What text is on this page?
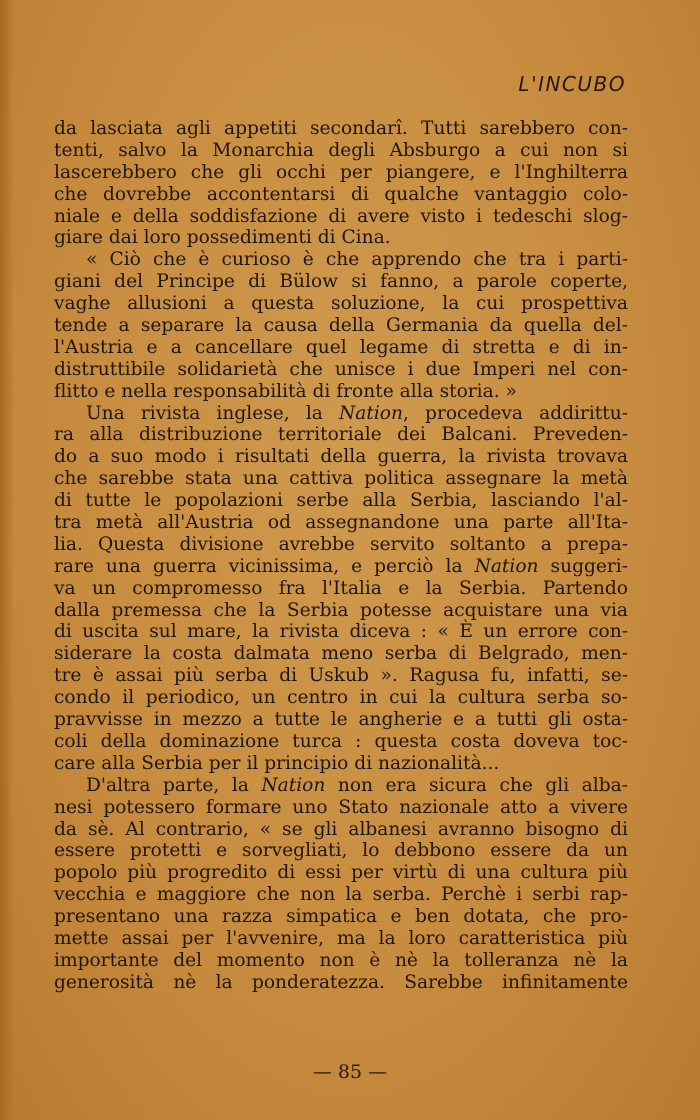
L'INCUBO
da lasciata agli appetiti secondarî. Tutti sarebbero con-
tenti, salvo la Monarchia degli Absburgo a cui non si
lascerebbero che gli occhi per piangere, e l'Inghilterra
che dovrebbe accontentarsi di qualche vantaggio colo-
niale e della soddisfazione di avere visto i tedeschi slog-
giare dai loro possedimenti di Cina.
« Ciò che è curioso è che apprendo che tra i parti-
giani del Principe di Bülow si fanno, a parole coperte,
vaghe allusioni a questa soluzione, la cui prospettiva
tende a separare la causa della Germania da quella del-
l'Austria e a cancellare quel legame di stretta e di in-
distruttibile solidarietà che unisce i due Imperi nel con-
flitto e nella responsabilità di fronte alla storia. »
Una rivista inglese, la Nation, procedeva addirittu-
ra alla distribuzione territoriale dei Balcani. Preveden-
do a suo modo i risultati della guerra, la rivista trovava
che sarebbe stata una cattiva politica assegnare la metà
di tutte le popolazioni serbe alla Serbia, lasciando l'al-
tra metà all'Austria od assegnandone una parte all'Ita-
lia. Questa divisione avrebbe servito soltanto a prepa-
rare una guerra vicinissima, e perciò la Nation suggeri-
va un compromesso fra l'Italia e la Serbia. Partendo
dalla premessa che la Serbia potesse acquistare una via
di uscita sul mare, la rivista diceva : « È un errore con-
siderare la costa dalmata meno serba di Belgrado, men-
tre è assai più serba di Uskub ». Ragusa fu, infatti, se-
condo il periodico, un centro in cui la cultura serba so-
pravvisse in mezzo a tutte le angherie e a tutti gli osta-
coli della dominazione turca : questa costa doveva toc-
care alla Serbia per il principio di nazionalità...
D'altra parte, la Nation non era sicura che gli alba-
nesi potessero formare uno Stato nazionale atto a vivere
da sè. Al contrario, « se gli albanesi avranno bisogno di
essere protetti e sorvegliati, lo debbono essere da un
popolo più progredito di essi per virtù di una cultura più
vecchia e maggiore che non la serba. Perchè i serbi rap-
presentano una razza simpatica e ben dotata, che pro-
mette assai per l'avvenire, ma la loro caratteristica più
importante del momento non è nè la tolleranza nè la
generosità nè la ponderatezza. Sarebbe infinitamente
— 85 —
